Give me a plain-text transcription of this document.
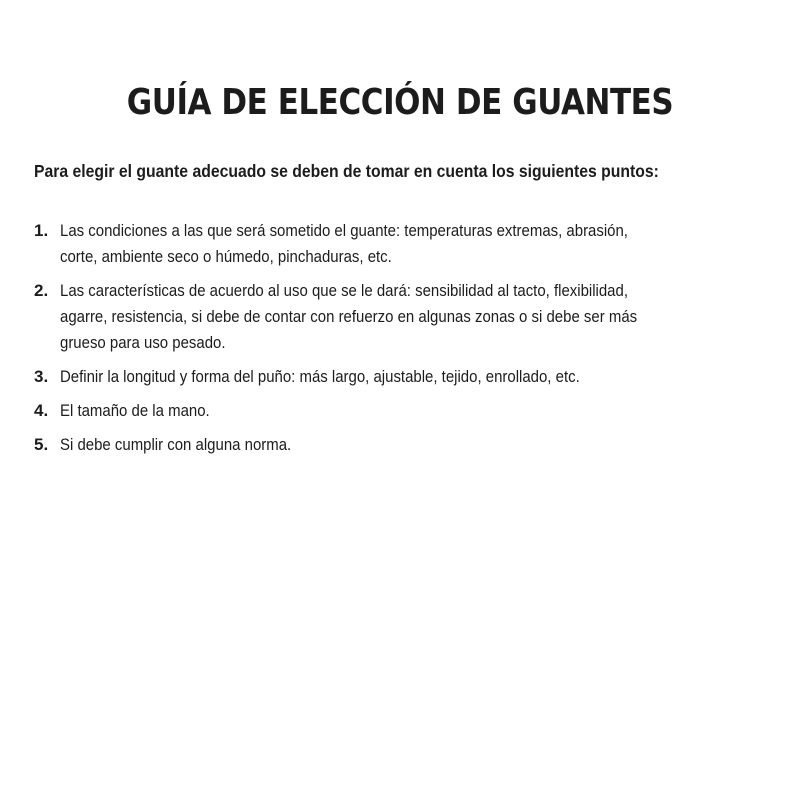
GUÍA DE ELECCIÓN DE GUANTES

Para elegir el guante adecuado se deben de tomar en cuenta los siguientes puntos:

1. Las condiciones a las que será sometido el guante: temperaturas extremas, abrasión,
corte, ambiente seco o húmedo, pinchaduras, etc.
2. Las características de acuerdo al uso que se le dará: sensibilidad al tacto, flexibilidad,
agarre, resistencia, si debe de contar con refuerzo en algunas zonas o si debe ser más
grueso para uso pesado.
3. Definir la longitud y forma del puño: más largo, ajustable, tejido, enrollado, etc.
4. El tamaño de la mano.
5. Si debe cumplir con alguna norma.
